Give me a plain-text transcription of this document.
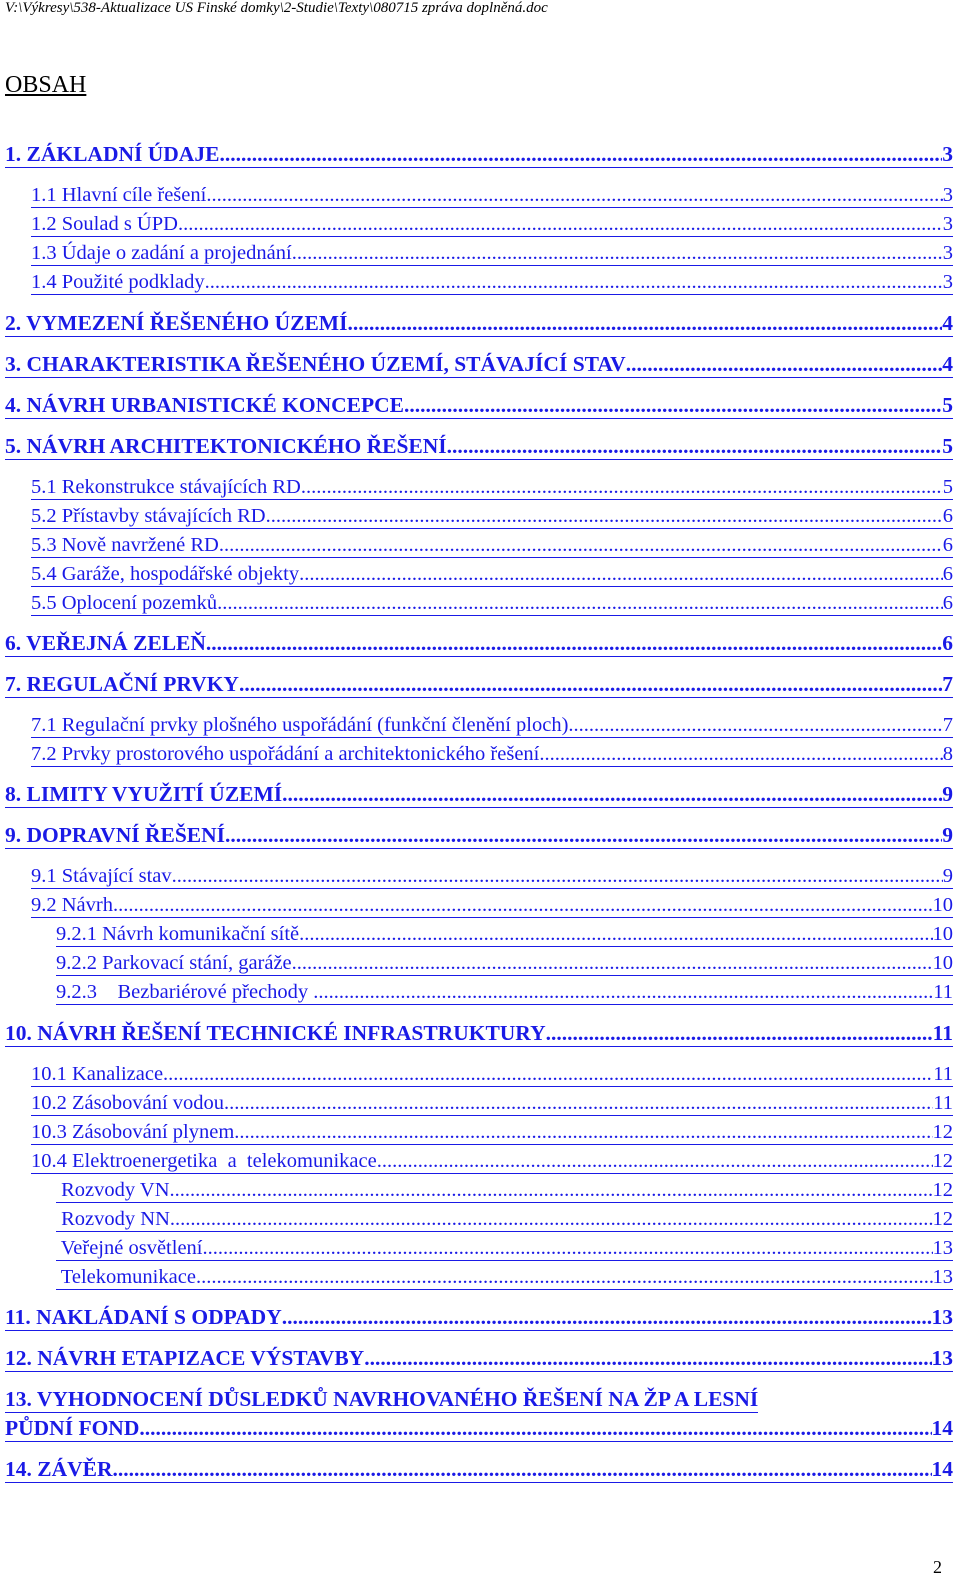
V:\Výkresy\538-Aktualizace US Finské domky\2-Studie\Texty\080715 zpráva doplněná.doc
OBSAH
1. ZÁKLADNÍ ÚDAJE .....	3
1.1 Hlavní cíle řešení .....	3
1.2 Soulad s ÚPD .....	3
1.3 Údaje o zadání a projednání .....	3
1.4 Použité podklady .....	3
2. VYMEZENÍ ŘEŠENÉHO ÚZEMÍ .....	4
3. CHARAKTERISTIKA ŘEŠENÉHO ÚZEMÍ, STÁVAJÍCÍ STAV .....	4
4. NÁVRH URBANISTICKÉ KONCEPCE .....	5
5. NÁVRH ARCHITEKTONICKÉHO ŘEŠENÍ .....	5
5.1 Rekonstrukce stávajících RD .....	5
5.2 Přístavby stávajících RD .....	6
5.3 Nově navržené RD .....	6
5.4 Garáže, hospodářské objekty .....	6
5.5 Oplocení pozemků .....	6
6. VEŘEJNÁ ZELEŇ .....	6
7. REGULAČNÍ PRVKY .....	7
7.1 Regulační prvky plošného uspořádání (funkční členění ploch) .....	7
7.2 Prvky prostorového uspořádání a architektonického řešení .....	8
8. LIMITY VYUŽITÍ ÚZEMÍ .....	9
9. DOPRAVNÍ ŘEŠENÍ .....	9
9.1 Stávající stav .....	9
9.2 Návrh .....	10
9.2.1 Návrh komunikační sítě .....	10
9.2.2 Parkovací stání, garáže .....	10
9.2.3    Bezbariérové přechody .....	11
10. NÁVRH ŘEŠENÍ TECHNICKÉ INFRASTRUKTURY .....	11
10.1 Kanalizace .....	11
10.2 Zásobování vodou .....	11
10.3 Zásobování plynem .....	12
10.4 Elektroenergetika  a  telekomunikace .....	12
Rozvody VN .....	12
Rozvody NN .....	12
Veřejné osvětlení .....	13
Telekomunikace .....	13
11. NAKLÁDANÍ S ODPADY .....	13
12. NÁVRH ETAPIZACE VÝSTAVBY .....	13
13. VYHODNOCENÍ DŮSLEDKŮ NAVRHOVANÉHO ŘEŠENÍ NA ŽP A LESNÍ
PŮDNÍ FOND .....	14
14. ZÁVĚR .....	14
2
